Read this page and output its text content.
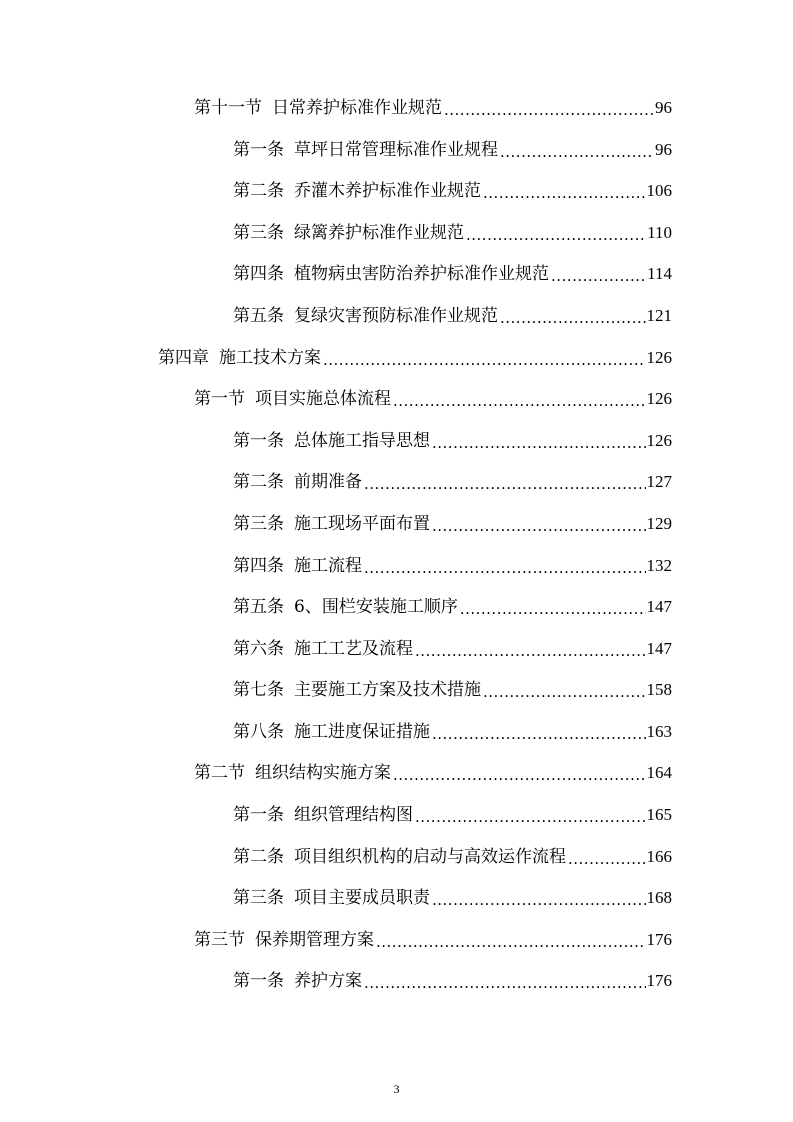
第十一节 日常养护标准作业规范 .....	96
第一条 草坪日常管理标准作业规程 .....	96
第二条 乔灌木养护标准作业规范 .....	106
第三条 绿篱养护标准作业规范 .....	110
第四条 植物病虫害防治养护标准作业规范 .....	114
第五条 复绿灾害预防标准作业规范 .....	121
第四章 施工技术方案 .....	126
第一节 项目实施总体流程 .....	126
第一条 总体施工指导思想 .....	126
第二条 前期准备 .....	127
第三条 施工现场平面布置 .....	129
第四条 施工流程 .....	132
第五条 6、围栏安装施工顺序 .....	147
第六条 施工工艺及流程 .....	147
第七条 主要施工方案及技术措施 .....	158
第八条 施工进度保证措施 .....	163
第二节 组织结构实施方案 .....	164
第一条 组织管理结构图 .....	165
第二条 项目组织机构的启动与高效运作流程 .....	166
第三条 项目主要成员职责 .....	168
第三节 保养期管理方案 .....	176
第一条 养护方案 .....	176
3
